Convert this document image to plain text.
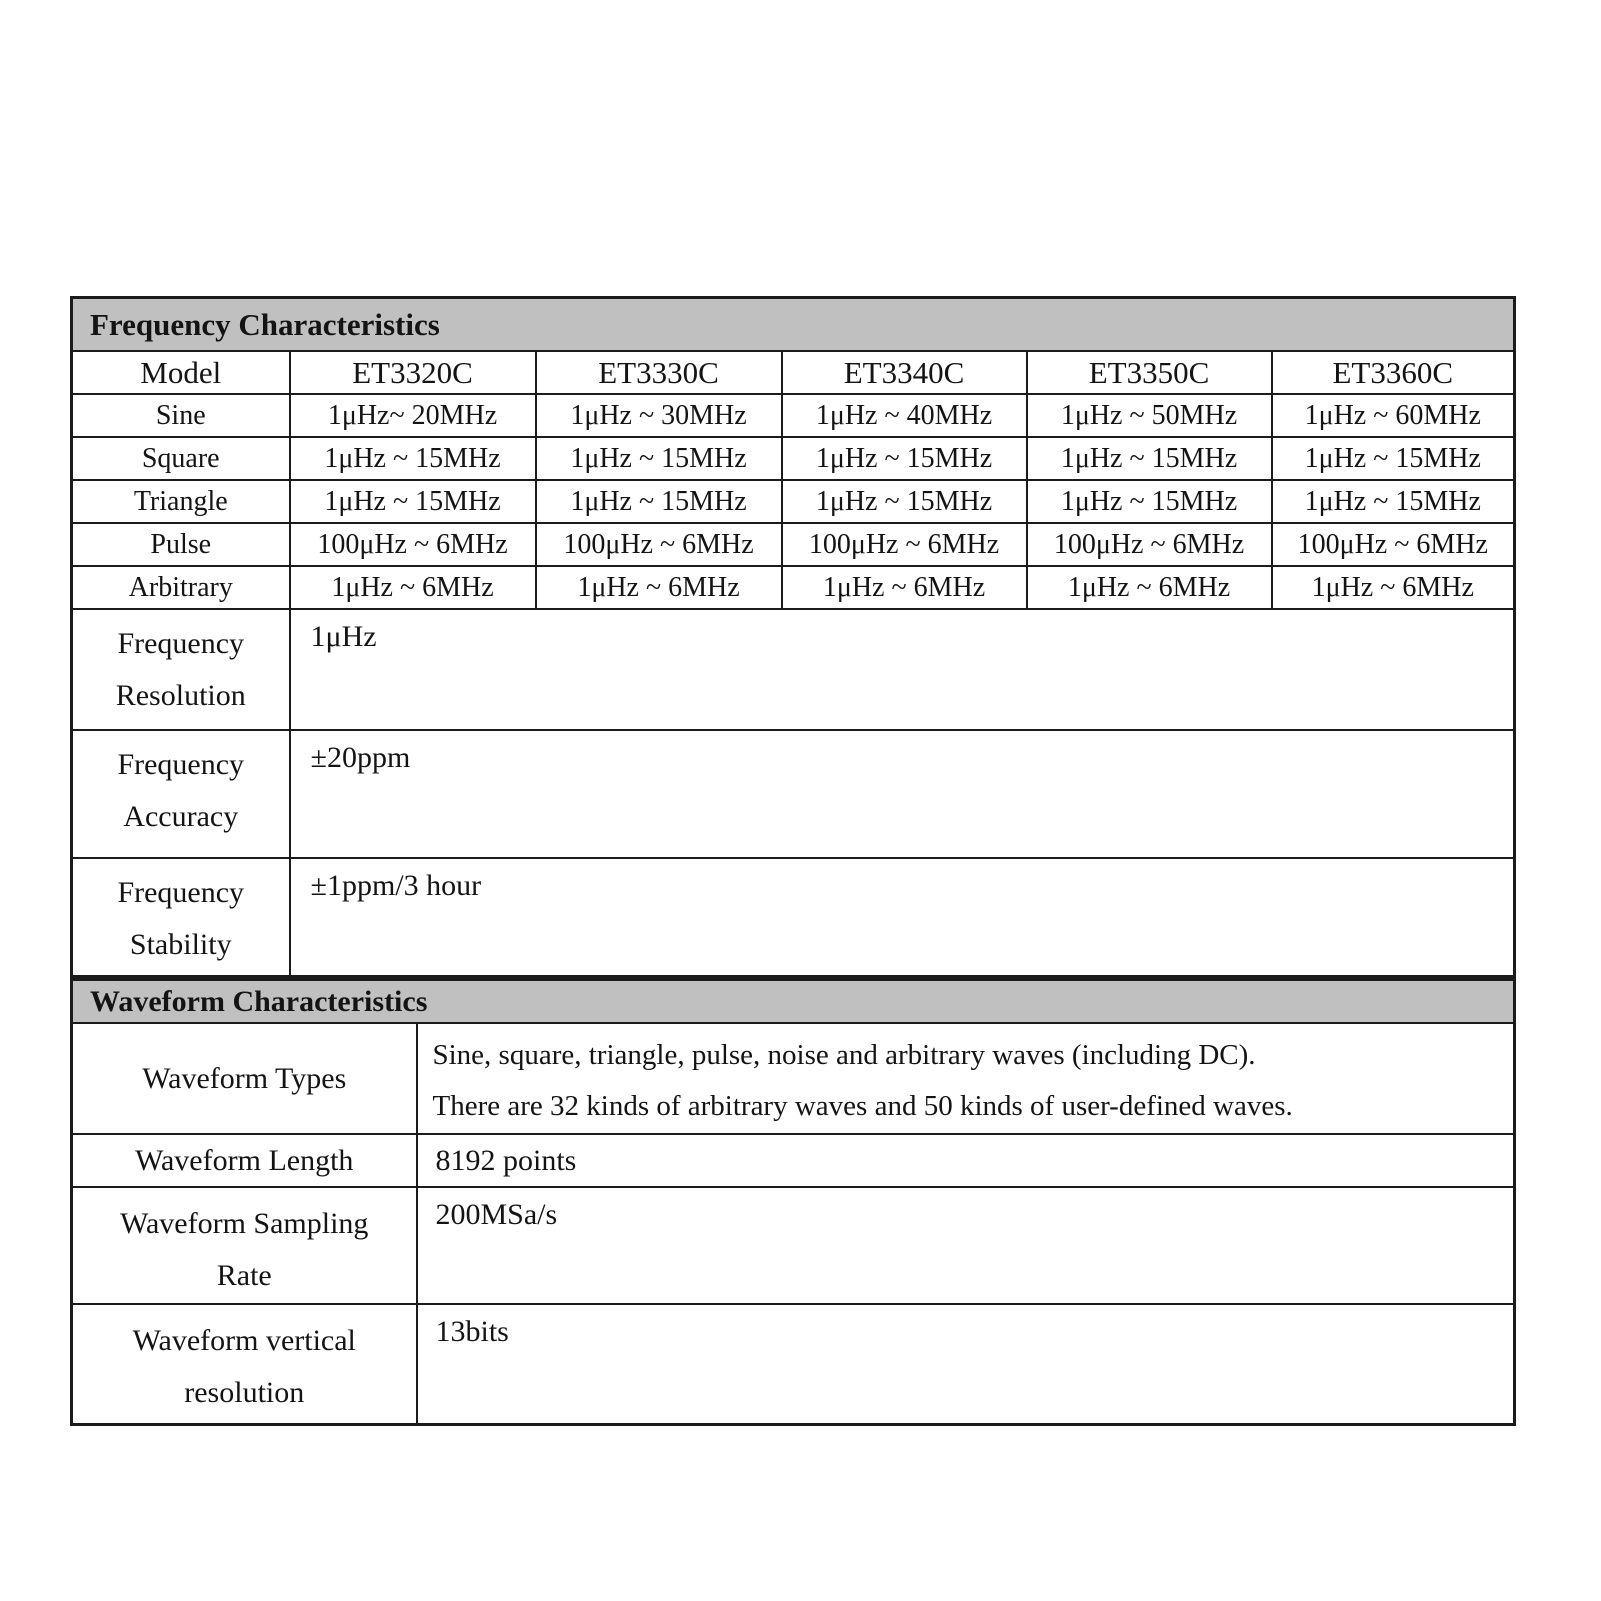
Frequency Characteristics					
Model	ET3320C	ET3330C	ET3340C	ET3350C	ET3360C
Sine	1μHz~ 20MHz	1μHz ~ 30MHz	1μHz ~ 40MHz	1μHz ~ 50MHz	1μHz ~ 60MHz
Square	1μHz ~ 15MHz	1μHz ~ 15MHz	1μHz ~ 15MHz	1μHz ~ 15MHz	1μHz ~ 15MHz
Triangle	1μHz ~ 15MHz	1μHz ~ 15MHz	1μHz ~ 15MHz	1μHz ~ 15MHz	1μHz ~ 15MHz
Pulse	100μHz ~ 6MHz	100μHz ~ 6MHz	100μHz ~ 6MHz	100μHz ~ 6MHz	100μHz ~ 6MHz
Arbitrary	1μHz ~ 6MHz	1μHz ~ 6MHz	1μHz ~ 6MHz	1μHz ~ 6MHz	1μHz ~ 6MHz

Frequency
Resolution	1μHz				

Frequency
Accuracy	±20ppm				

Frequency
Stability	±1ppm/3 hour				
Waveform Characteristics	
Waveform Types	Sine, square, triangle, pulse, noise and arbitrary waves (including DC).
There are 32 kinds of arbitrary waves and 50 kinds of user-defined waves.

Waveform Length	8192 points

Waveform Sampling
Rate	200MSa/s

Waveform vertical
resolution	13bits
